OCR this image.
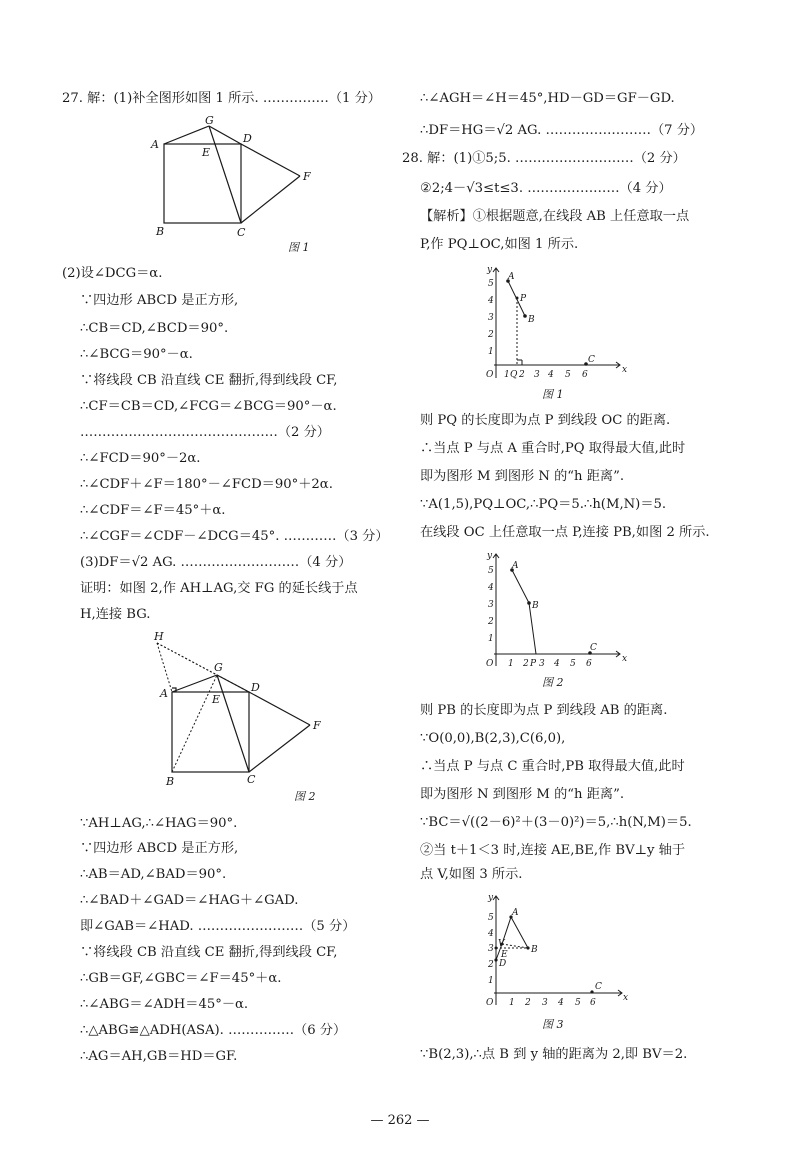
27. 解：(1)补全图形如图 1 所示. ……………（1 分）
A
B	C
D
E
F
G
图 1
(2)设∠DCG＝α.
∵四边形 ABCD 是正方形,
∴CB＝CD,∠BCD＝90°.
∴∠BCG＝90°－α.
∵将线段 CB 沿直线 CE 翻折,得到线段 CF,
∴CF＝CB＝CD,∠FCG＝∠BCG＝90°－α.
………………………………………（2 分）
∴∠FCD＝90°－2α.
∴∠CDF＋∠F＝180°－∠FCD＝90°＋2α.
∴∠CDF＝∠F＝45°＋α.
∴∠CGF＝∠CDF－∠DCG＝45°. …………（3 分）
(3)DF＝√2 AG. ………………………（4 分）
证明：如图 2,作 AH⊥AG,交 FG 的延长线于点
H,连接 BG.
H
A
B	C
D
E
F
G
图 2
∵AH⊥AG,∴∠HAG＝90°.
∵四边形 ABCD 是正方形,
∴AB＝AD,∠BAD＝90°.
∴∠BAD＋∠GAD＝∠HAG＋∠GAD.
即∠GAB＝∠HAD. ……………………（5 分）
∵将线段 CB 沿直线 CE 翻折,得到线段 CF,
∴GB＝GF,∠GBC＝∠F＝45°＋α.
∴∠ABG＝∠ADH＝45°－α.
∴△ABG≌△ADH(ASA). ……………（6 分）
∴AG＝AH,GB＝HD＝GF.
∴∠AGH＝∠H＝45°,HD－GD＝GF－GD.
∴DF＝HG＝√2 AG. ……………………（7 分）
28. 解：(1)①5;5. ………………………（2 分）
②2;4－√3≤t≤3. …………………（4 分）
【解析】①根据题意,在线段 AB 上任意取一点
P,作 PQ⊥OC,如图 1 所示.
y
x
O 1 Q 2 3 4 5 6
1
2
3
4
5
A
P
B
C
图 1
则 PQ 的长度即为点 P 到线段 OC 的距离.
∴当点 P 与点 A 重合时,PQ 取得最大值,此时
即为图形 M 到图形 N 的“h 距离”.
∵A(1,5),PQ⊥OC,∴PQ＝5.∴h(M,N)＝5.
在线段 OC 上任意取一点 P,连接 PB,如图 2 所示.
y
x
O 1 2 P 3 4 5 6
1
2
3
4
5 A
B
C
图 2
则 PB 的长度即为点 P 到线段 AB 的距离.
∵O(0,0),B(2,3),C(6,0),
∴当点 P 与点 C 重合时,PB 取得最大值,此时
即为图形 N 到图形 M 的“h 距离”.
∵BC＝√((2－6)²＋(3－0)²)＝5,∴h(N,M)＝5.
②当 t＋1＜3 时,连接 AE,BE,作 BV⊥y 轴于
点 V,如图 3 所示.
y
x
O 1 2 3 4 5 6
1
2
3
4
5 A
B
C
D
E
V
图 3
∵B(2,3),∴点 B 到 y 轴的距离为 2,即 BV＝2.
— 262 —
